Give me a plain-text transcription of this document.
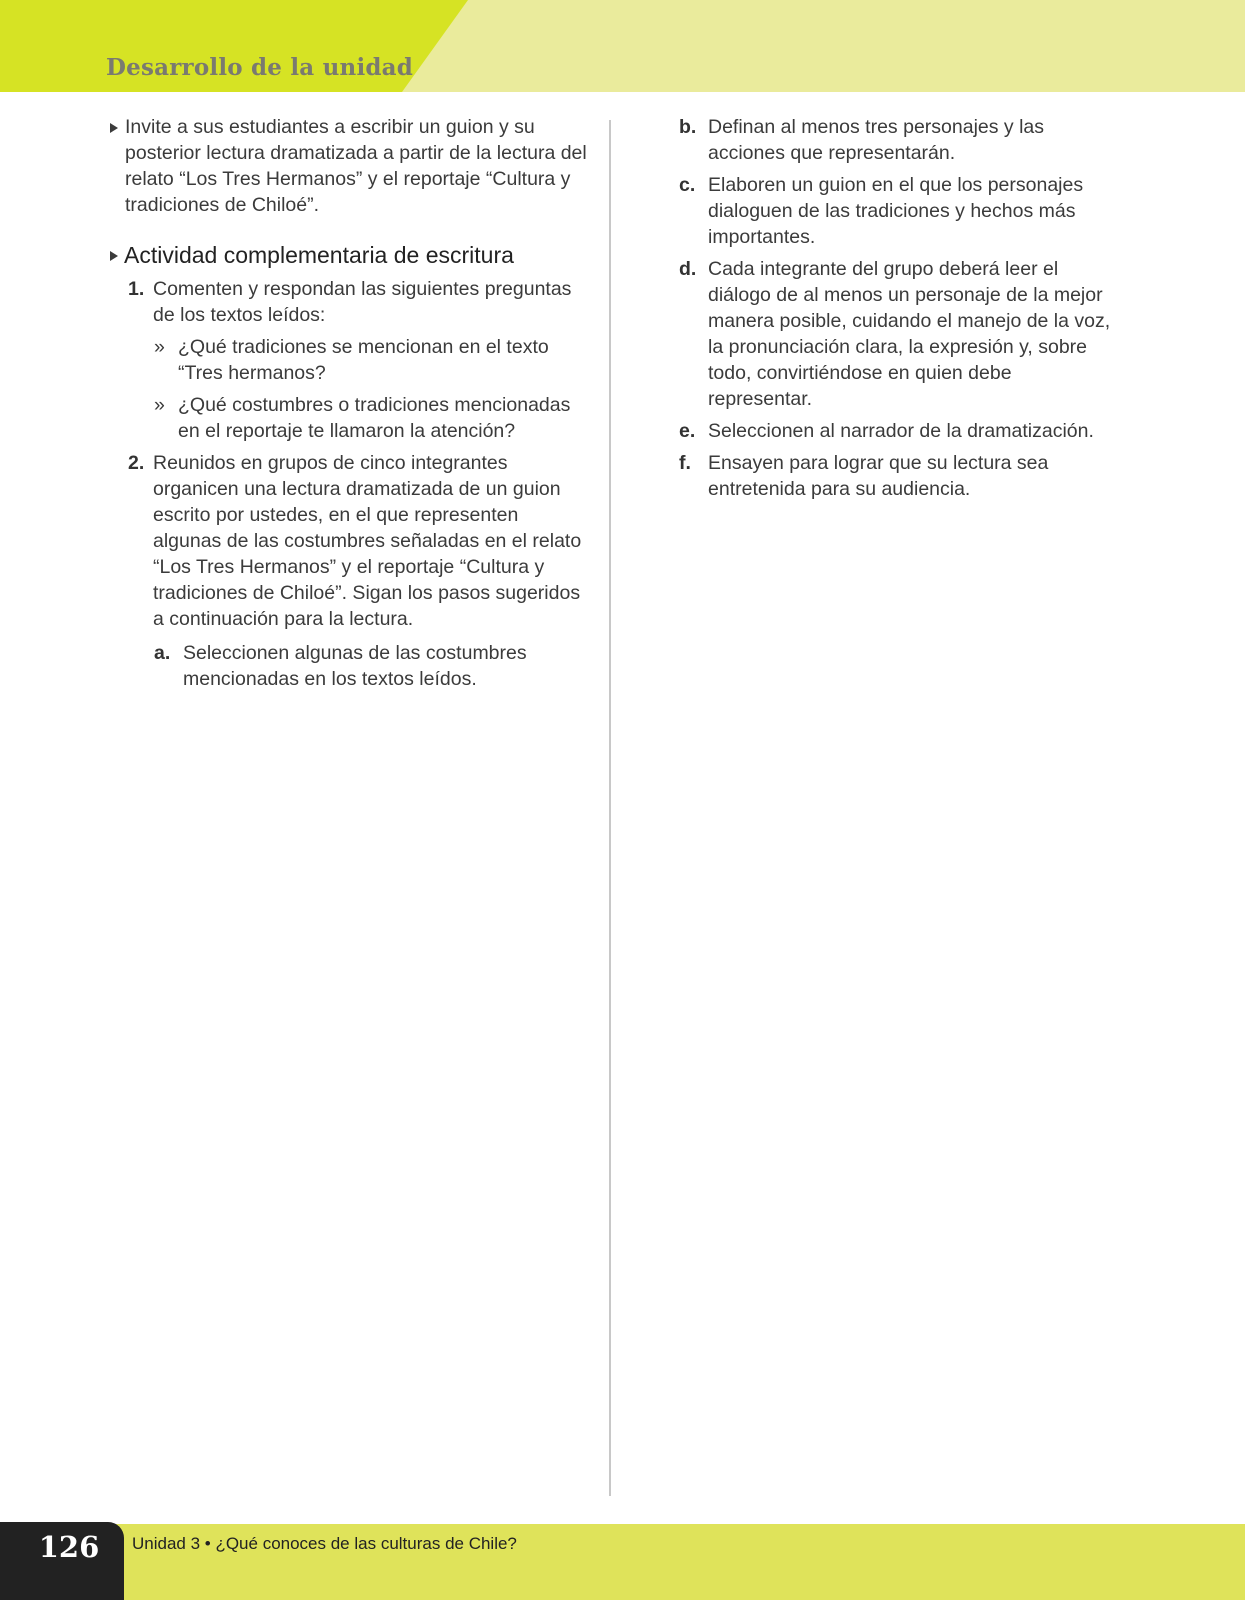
Desarrollo de la unidad
Invite a sus estudiantes a escribir un guion y su posterior lectura dramatizada a partir de la lectura del relato “Los Tres Hermanos” y el reportaje “Cultura y tradiciones de Chiloé”.
Actividad complementaria de escritura
1. Comenten y respondan las siguientes preguntas de los textos leídos:
» ¿Qué tradiciones se mencionan en el texto “Tres hermanos?
» ¿Qué costumbres o tradiciones mencionadas en el reportaje te llamaron la atención?
2. Reunidos en grupos de cinco integrantes organicen una lectura dramatizada de un guion escrito por ustedes, en el que representen algunas de las costumbres señaladas en el relato “Los Tres Hermanos” y el reportaje “Cultura y tradiciones de Chiloé”. Sigan los pasos sugeridos a continuación para la lectura.
a. Seleccionen algunas de las costumbres mencionadas en los textos leídos.
b. Definan al menos tres personajes y las acciones que representarán.
c. Elaboren un guion en el que los personajes dialoguen de las tradiciones y hechos más importantes.
d. Cada integrante del grupo deberá leer el diálogo de al menos un personaje de la mejor manera posible, cuidando el manejo de la voz, la pronunciación clara, la expresión y, sobre todo, convirtiéndose en quien debe representar.
e. Seleccionen al narrador de la dramatización.
f. Ensayen para lograr que su lectura sea entretenida para su audiencia.
126	Unidad 3 • ¿Qué conoces de las culturas de Chile?
